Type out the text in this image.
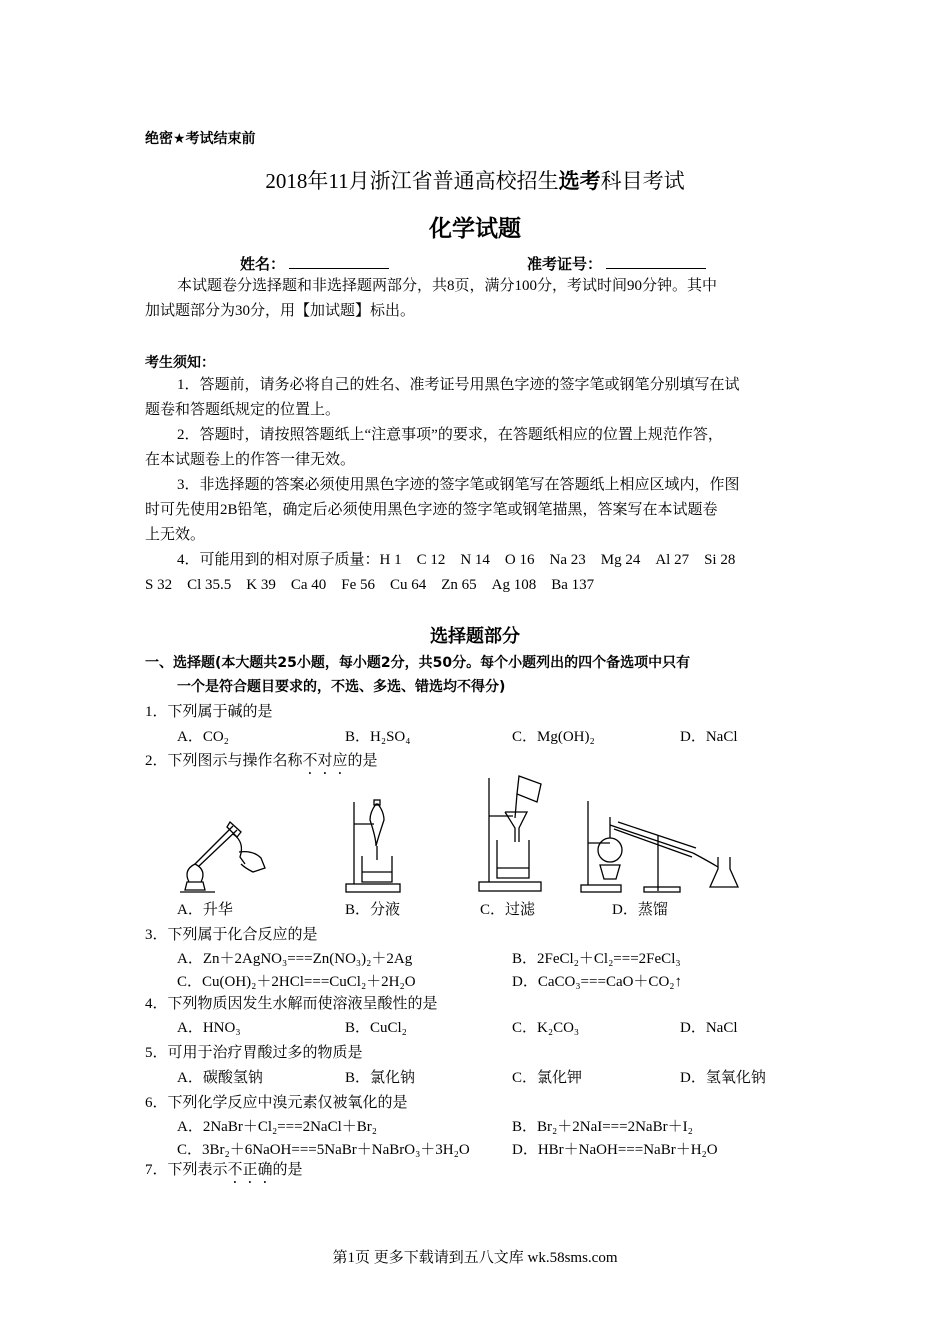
绝密★考试结束前
2018年11月浙江省普通高校招生选考科目考试
化学试题
姓名：	准考证号：
本试题卷分选择题和非选择题两部分，共8页，满分100分，考试时间90分钟。其中
加试题部分为30分，用【加试题】标出。
考生须知：
1．答题前，请务必将自己的姓名、准考证号用黑色字迹的签字笔或钢笔分别填写在试
题卷和答题纸规定的位置上。
2．答题时，请按照答题纸上“注意事项”的要求，在答题纸相应的位置上规范作答，
在本试题卷上的作答一律无效。
3．非选择题的答案必须使用黑色字迹的签字笔或钢笔写在答题纸上相应区域内，作图
时可先使用2B铅笔，确定后必须使用黑色字迹的签字笔或钢笔描黑，答案写在本试题卷
上无效。
4．可能用到的相对原子质量：H 1　C 12　N 14　O 16　Na 23　Mg 24　Al 27　Si 28
S 32　Cl 35.5　K 39　Ca 40　Fe 56　Cu 64　Zn 65　Ag 108　Ba 137
选择题部分
一、选择题(本大题共25小题，每小题2分，共50分。每个小题列出的四个备选项中只有
一个是符合题目要求的，不选、多选、错选均不得分)
1．下列属于碱的是
A．CO₂	B．H₂SO₄	C．Mg(OH)₂	D．NaCl
2．下列图示与操作名称不对应的是
A．升华	B．分液	C．过滤	D．蒸馏
3．下列属于化合反应的是
A．Zn＋2AgNO₃===Zn(NO₃)₂＋2Ag	B．2FeCl₂＋Cl₂===2FeCl₃
C．Cu(OH)₂＋2HCl===CuCl₂＋2H₂O	D．CaCO₃===CaO＋CO₂↑
4．下列物质因发生水解而使溶液呈酸性的是
A．HNO₃	B．CuCl₂	C．K₂CO₃	D．NaCl
5．可用于治疗胃酸过多的物质是
A．碳酸氢钠	B．氯化钠	C．氯化钾	D．氢氧化钠
6．下列化学反应中溴元素仅被氧化的是
A．2NaBr＋Cl₂===2NaCl＋Br₂	B．Br₂＋2NaI===2NaBr＋I₂
C．3Br₂＋6NaOH===5NaBr＋NaBrO₃＋3H₂O	D．HBr＋NaOH===NaBr＋H₂O
7．下列表示不正确的是
第1页 更多下载请到五八文库 wk.58sms.com
